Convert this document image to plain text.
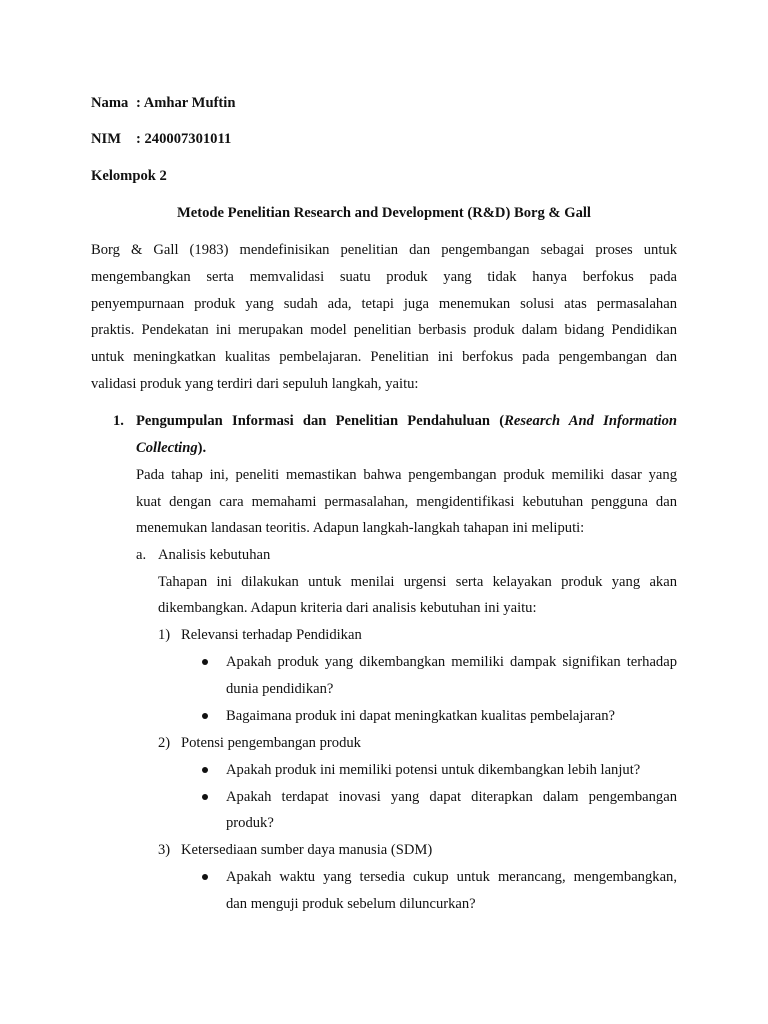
Nama : Amhar Muftin
NIM : 240007301011
Kelompok 2
Metode Penelitian Research and Development (R&D) Borg & Gall
Borg & Gall (1983) mendefinisikan penelitian dan pengembangan sebagai proses untuk
mengembangkan serta memvalidasi suatu produk yang tidak hanya berfokus pada
penyempurnaan produk yang sudah ada, tetapi juga menemukan solusi atas permasalahan
praktis. Pendekatan ini merupakan model penelitian berbasis produk dalam bidang Pendidikan
untuk meningkatkan kualitas pembelajaran. Penelitian ini berfokus pada pengembangan dan
validasi produk yang terdiri dari sepuluh langkah, yaitu:
1. Pengumpulan Informasi dan Penelitian Pendahuluan (Research And Information
Collecting).
Pada tahap ini, peneliti memastikan bahwa pengembangan produk memiliki dasar yang
kuat dengan cara memahami permasalahan, mengidentifikasi kebutuhan pengguna dan
menemukan landasan teoritis. Adapun langkah-langkah tahapan ini meliputi:
a. Analisis kebutuhan
Tahapan ini dilakukan untuk menilai urgensi serta kelayakan produk yang akan
dikembangkan. Adapun kriteria dari analisis kebutuhan ini yaitu:
1) Relevansi terhadap Pendidikan
Apakah produk yang dikembangkan memiliki dampak signifikan terhadap
dunia pendidikan?
Bagaimana produk ini dapat meningkatkan kualitas pembelajaran?
2) Potensi pengembangan produk
Apakah produk ini memiliki potensi untuk dikembangkan lebih lanjut?
Apakah terdapat inovasi yang dapat diterapkan dalam pengembangan
produk?
3) Ketersediaan sumber daya manusia (SDM)
Apakah waktu yang tersedia cukup untuk merancang, mengembangkan,
dan menguji produk sebelum diluncurkan?
